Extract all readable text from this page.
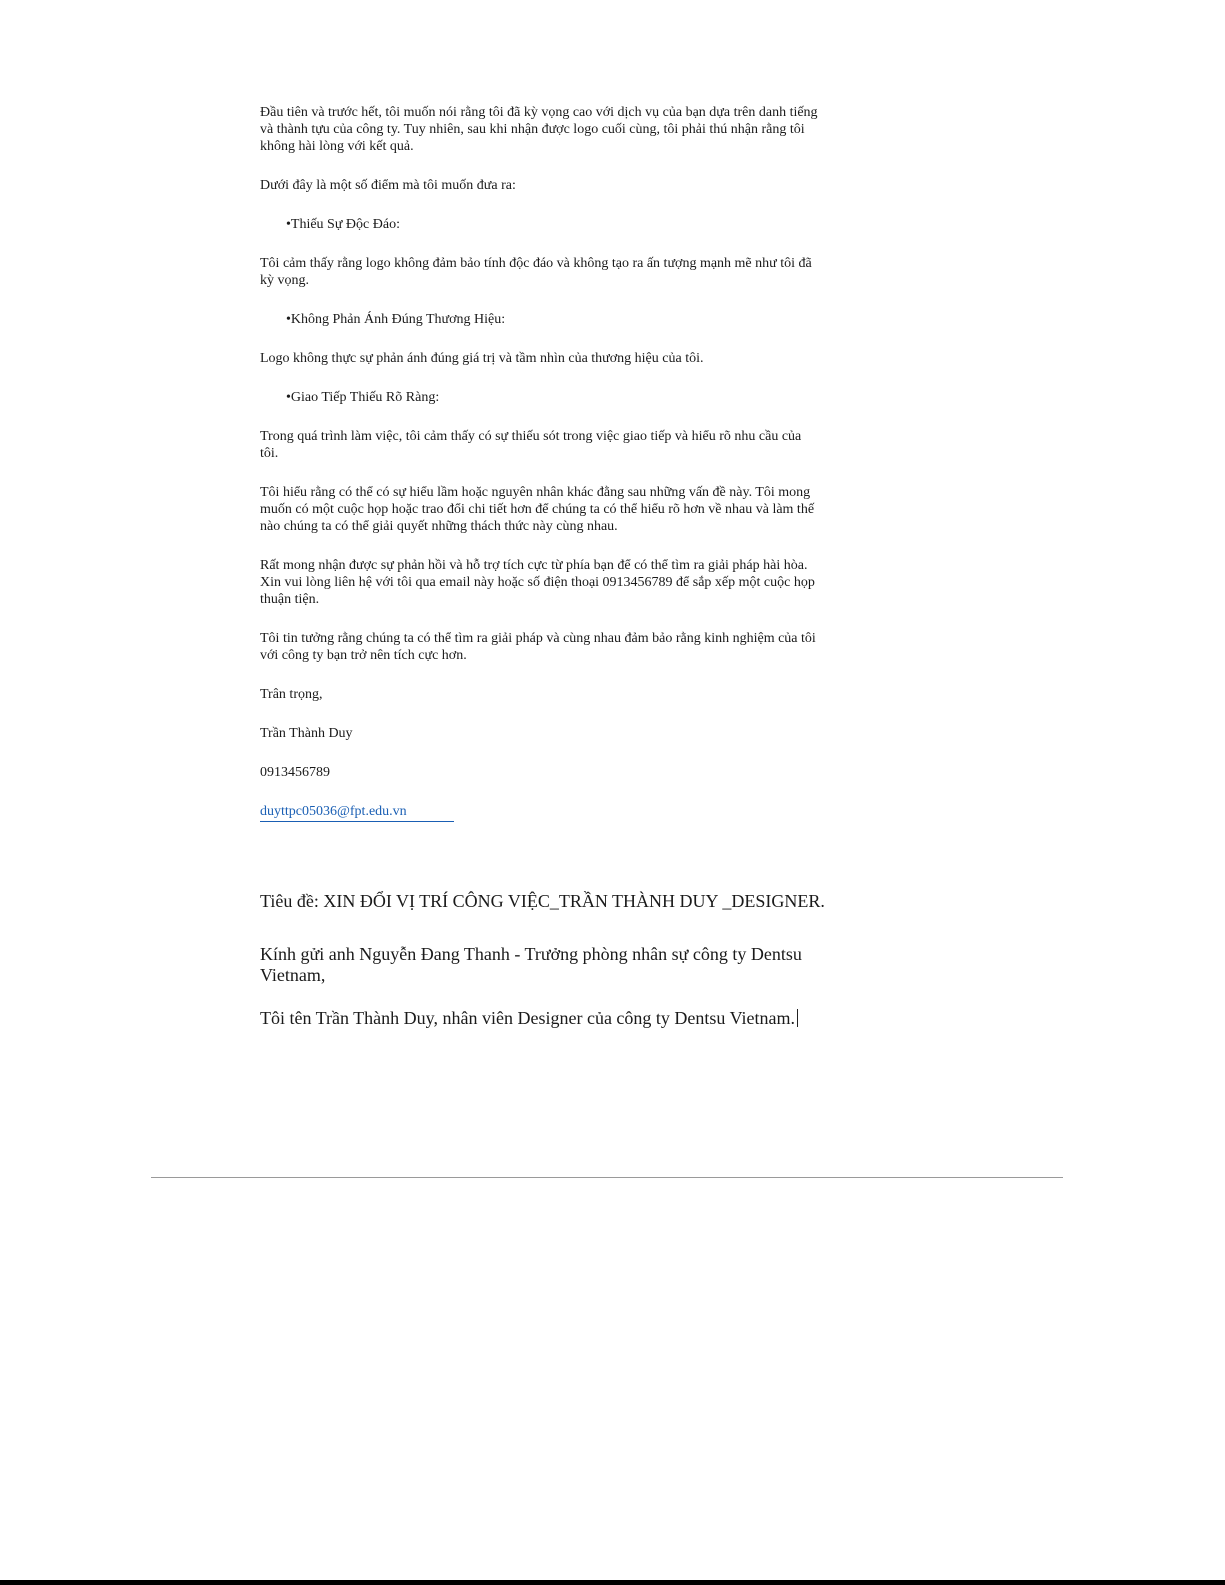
Đầu tiên và trước hết, tôi muốn nói rằng tôi đã kỳ vọng cao với dịch vụ của bạn dựa trên danh tiếng và thành tựu của công ty. Tuy nhiên, sau khi nhận được logo cuối cùng, tôi phải thú nhận rằng tôi không hài lòng với kết quả.

Dưới đây là một số điểm mà tôi muốn đưa ra:

•Thiếu Sự Độc Đáo:

Tôi cảm thấy rằng logo không đảm bảo tính độc đáo và không tạo ra ấn tượng mạnh mẽ như tôi đã kỳ vọng.

•Không Phản Ánh Đúng Thương Hiệu:

Logo không thực sự phản ánh đúng giá trị và tầm nhìn của thương hiệu của tôi.

•Giao Tiếp Thiếu Rõ Ràng:

Trong quá trình làm việc, tôi cảm thấy có sự thiếu sót trong việc giao tiếp và hiểu rõ nhu cầu của tôi.

Tôi hiểu rằng có thể có sự hiểu lầm hoặc nguyên nhân khác đằng sau những vấn đề này. Tôi mong muốn có một cuộc họp hoặc trao đổi chi tiết hơn để chúng ta có thể hiểu rõ hơn về nhau và làm thế nào chúng ta có thể giải quyết những thách thức này cùng nhau.

Rất mong nhận được sự phản hồi và hỗ trợ tích cực từ phía bạn để có thể tìm ra giải pháp hài hòa. Xin vui lòng liên hệ với tôi qua email này hoặc số điện thoại 0913456789 để sắp xếp một cuộc họp thuận tiện.

Tôi tin tưởng rằng chúng ta có thể tìm ra giải pháp và cùng nhau đảm bảo rằng kinh nghiệm của tôi với công ty bạn trở nên tích cực hơn.

Trân trọng,

Trần Thành Duy

0913456789

duyttpc05036@fpt.edu.vn

Tiêu đề: XIN ĐỔI VỊ TRÍ CÔNG VIỆC_TRẦN THÀNH DUY _DESIGNER.

Kính gửi anh Nguyễn Đang Thanh - Trưởng phòng nhân sự công ty Dentsu Vietnam,

Tôi tên Trần Thành Duy, nhân viên Designer của công ty Dentsu Vietnam.
